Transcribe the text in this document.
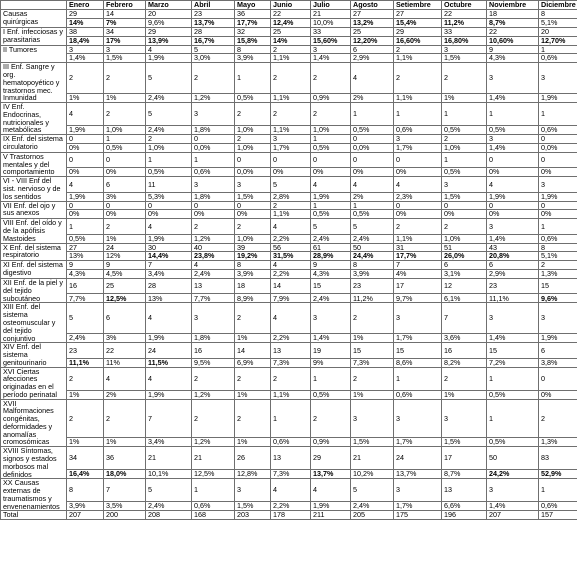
	Enero	Febrero	Marzo	Abril	Mayo	Junio	Julio	Agosto	Setiembre	Octubre	Noviembre	Diciembre
Causas quirúrgicas	29	14	20	23	36	22	21	27	27	22	18	8
	14%	7%	9,6%	13,7%	17,7%	12,4%	10,0%	13,2%	15,4%	11,2%	8,7%	5,1%
I Enf. infecciosas y parasitarias	38	34	29	28	32	25	33	25	29	33	22	20
	18,4%	17%	13,9%	16,7%	15,8%	14%	15,60%	12,20%	16,60%	16,80%	10,60%	12,70%
II Tumores	3	3	4	5	8	2	3	6	2	3	9	1
	1,4%	1,5%	1,9%	3,0%	3,9%	1,1%	1,4%	2,9%	1,1%	1,5%	4,3%	0,6%
III Enf. Sangre y org. hematopoyético y trastornos mec. Inmunidad	2	2	5	2	1	2	2	4	2	2	3	3
	1%	1%	2,4%	1,2%	0,5%	1,1%	0,9%	2%	1,1%	1%	1,4%	1,9%
IV Enf. Endocrinas, nutricionales y metabólicas	4	2	5	3	2	2	2	1	1	1	1	1
	1,9%	1,0%	2,4%	1,8%	1,0%	1,1%	1,0%	0,5%	0,6%	0,5%	0,5%	0,6%
IX Enf. del sistema circulatorio	0	1	2	0	2	3	1	0	3	2	3	0
	0%	0,5%	1,0%	0,0%	1,0%	1,7%	0,5%	0,0%	1,7%	1,0%	1,4%	0,0%
V Trastornos mentales y del comportamiento	0	0	1	1	0	0	0	0	0	1	0	0
	0%	0%	0,5%	0,6%	0,0%	0%	0%	0%	0%	0,5%	0%	0%
VI - VIII Enf del sist. nervioso y de los sentidos	4	6	11	3	3	5	4	4	4	3	4	3
	1,9%	3%	5,3%	1,8%	1,5%	2,8%	1,9%	2%	2,3%	1,5%	1,9%	1,9%
VII Enf. del ojo y sus anexos	0	0	0	0	0	2	1	1	0	0	0	0
	0%	0%	0%	0%	0%	1,1%	0,5%	0,5%	0%	0%	0%	0%
VIII Enf. del oído y de la apófisis Mastoides	1	2	4	2	2	4	5	5	2	2	3	1
	0,5%	1%	1,9%	1,2%	1,0%	2,2%	2,4%	2,4%	1,1%	1,0%	1,4%	0,6%
X Enf. del sistema respiratorio	27	24	30	40	39	56	61	50	31	51	43	8
	13%	12%	14,4%	23,8%	19,2%	31,5%	28,9%	24,4%	17,7%	26,0%	20,8%	5,1%
XI Enf. del sistema digestivo	9	9	7	4	8	4	9	8	7	6	6	2
	4,3%	4,5%	3,4%	2,4%	3,9%	2,2%	4,3%	3,9%	4%	3,1%	2,9%	1,3%
XII Enf. de la piel y del tejido subcutáneo	16	25	28	13	18	14	15	23	17	12	23	15
	7,7%	12,5%	13%	7,7%	8,9%	7,9%	2,4%	11,2%	9,7%	6,1%	11,1%	9,6%
XIII Enf. del sistema osteomuscular y del tejido conjuntivo	5	6	4	3	2	4	3	2	3	7	3	3
	2,4%	3%	1,9%	1,8%	1%	2,2%	1,4%	1%	1,7%	3,6%	1,4%	1,9%
XIV Enf. del sistema genitourinario	23	22	24	16	14	13	19	15	15	16	15	6
	11,1%	11%	11,5%	9,5%	6,9%	7,3%	9%	7,3%	8,6%	8,2%	7,2%	3,8%
XVI Ciertas afecciones originadas en el período perinatal	2	4	4	2	2	2	1	2	1	2	1	0
	1%	2%	1,9%	1,2%	1%	1,1%	0,5%	1%	0,6%	1%	0,5%	0%
XVII Malformaciones congénitas, deformidades y anomalías cromosómicas	2	2	7	2	2	1	2	3	3	3	1	2
	1%	1%	3,4%	1,2%	1%	0,6%	0,9%	1,5%	1,7%	1,5%	0,5%	1,3%
XVIII Síntomas, signos y estados morbosos mal definidos	34	36	21	21	26	13	29	21	24	17	50	83
	16,4%	18,0%	10,1%	12,5%	12,8%	7,3%	13,7%	10,2%	13,7%	8,7%	24,2%	52,9%
XX Causas externas de traumatismos y envenenamientos	8	7	5	1	3	4	4	5	3	13	3	1
	3,9%	3,5%	2,4%	0,6%	1,5%	2,2%	1,9%	2,4%	1,7%	6,6%	1,4%	0,6%
Total	207	200	208	168	203	178	211	205	175	196	207	157
